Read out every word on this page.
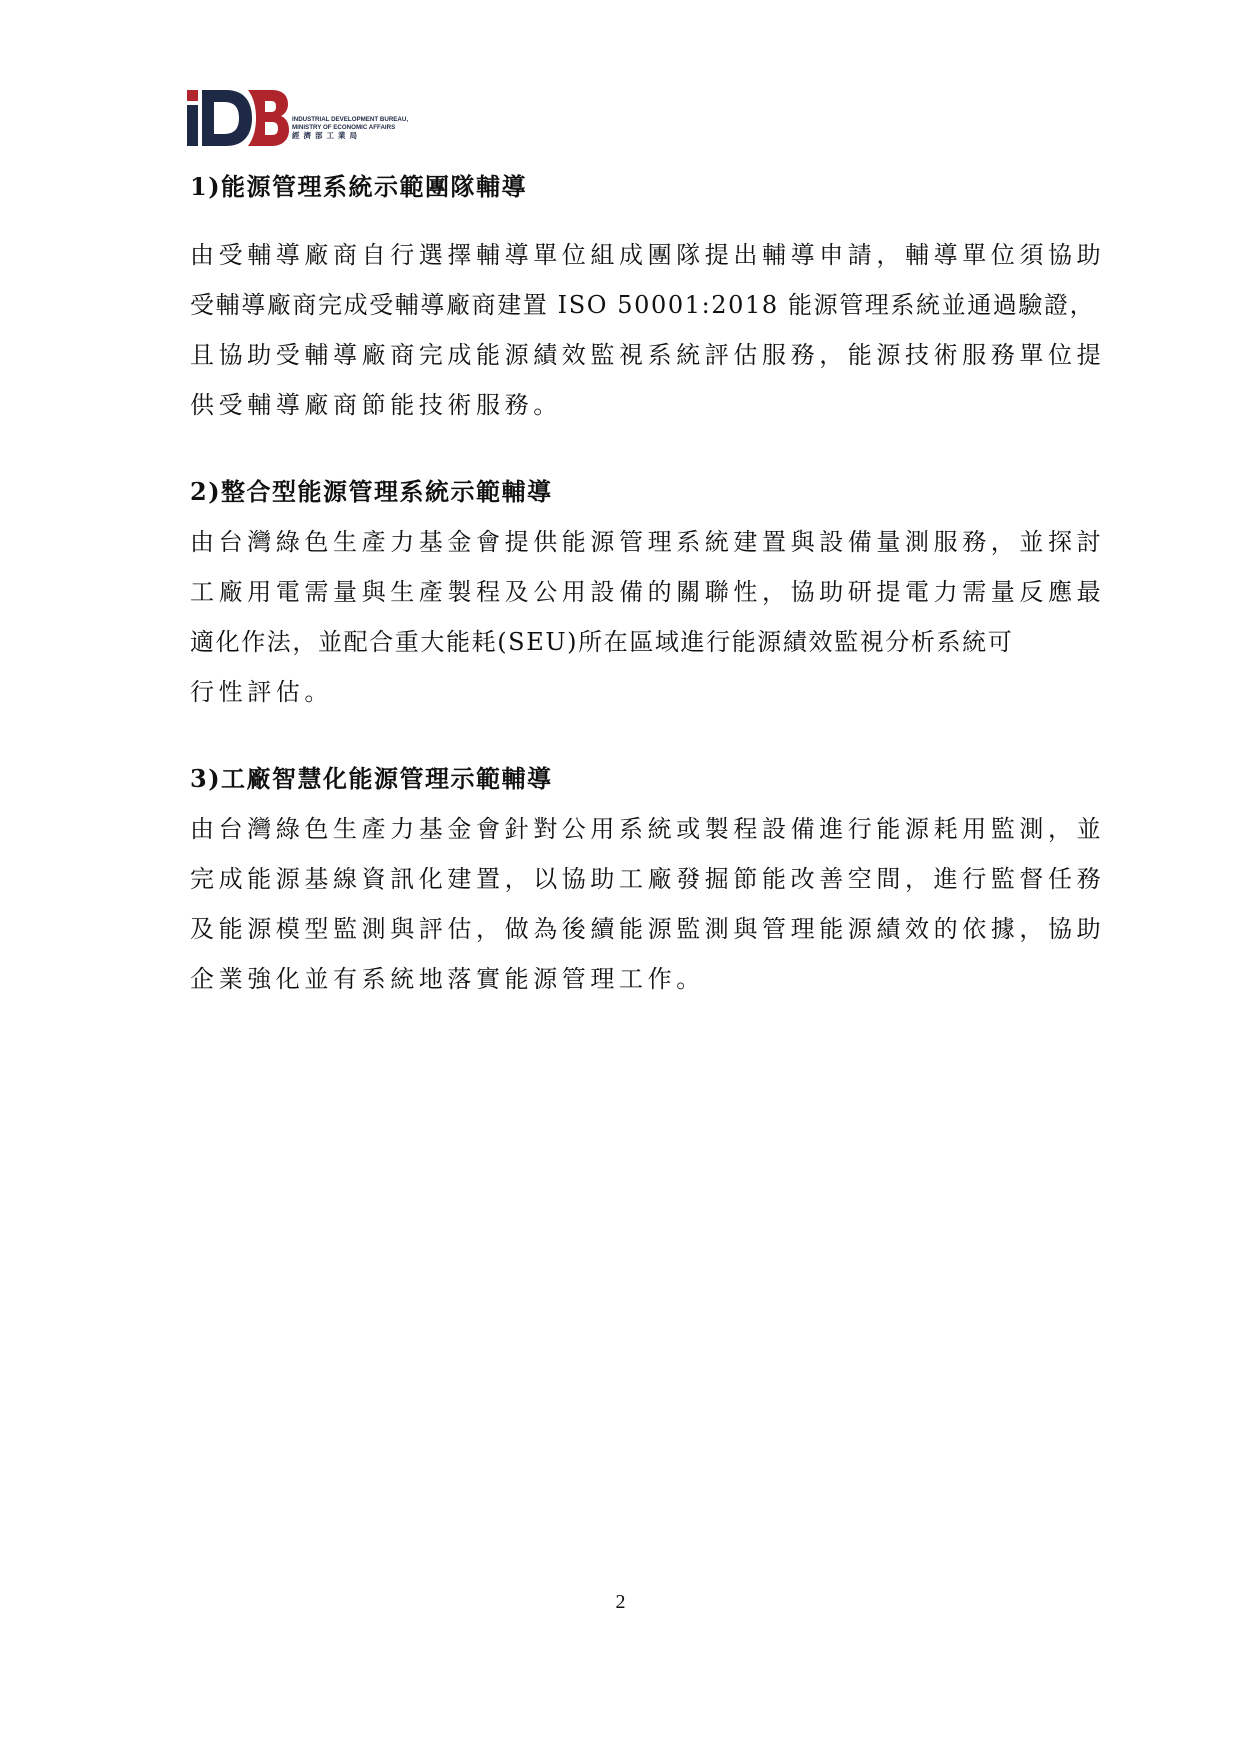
INDUSTRIAL DEVELOPMENT BUREAU,
MINISTRY OF ECONOMIC AFFAIRS
經濟部工業局
1)能源管理系統示範團隊輔導
由受輔導廠商自行選擇輔導單位組成團隊提出輔導申請，輔導單位須協助
受輔導廠商完成受輔導廠商建置 ISO 50001:2018 能源管理系統並通過驗證，
且協助受輔導廠商完成能源績效監視系統評估服務，能源技術服務單位提
供受輔導廠商節能技術服務。
2)整合型能源管理系統示範輔導
由台灣綠色生產力基金會提供能源管理系統建置與設備量測服務，並探討
工廠用電需量與生產製程及公用設備的關聯性，協助研提電力需量反應最
適化作法，並配合重大能耗(SEU)所在區域進行能源績效監視分析系統可
行性評估。
3)工廠智慧化能源管理示範輔導
由台灣綠色生產力基金會針對公用系統或製程設備進行能源耗用監測，並
完成能源基線資訊化建置，以協助工廠發掘節能改善空間，進行監督任務
及能源模型監測與評估，做為後續能源監測與管理能源績效的依據，協助
企業強化並有系統地落實能源管理工作。
2
